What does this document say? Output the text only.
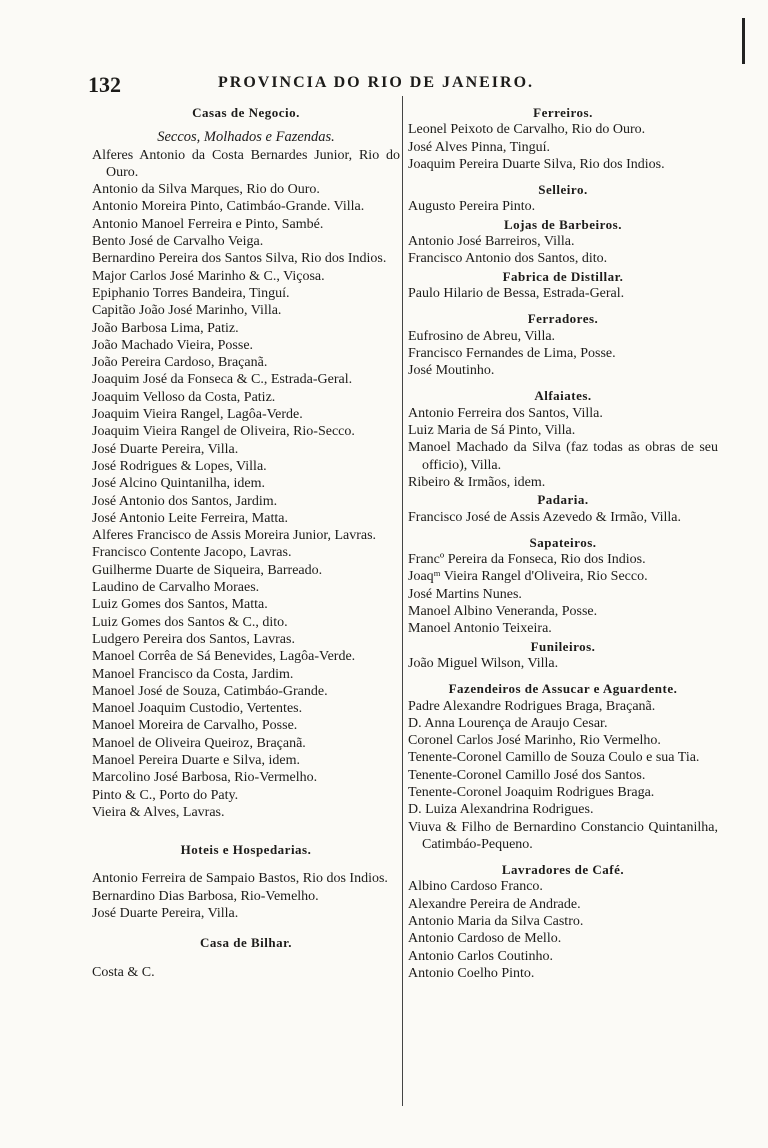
132	PROVINCIA DO RIO DE JANEIRO.

Casas de Negocio.

Seccos, Molhados e Fazendas.

Alferes Antonio da Costa Bernardes Junior, Rio do Ouro.

Antonio da Silva Marques, Rio do Ouro.

Antonio Moreira Pinto, Catimbáo-Grande. Villa.

Antonio Manoel Ferreira e Pinto, Sambé.

Bento José de Carvalho Veiga.

Bernardino Pereira dos Santos Silva, Rio dos Indios.

Major Carlos José Marinho & C., Viçosa.

Epiphanio Torres Bandeira, Tinguí.

Capitão João José Marinho, Villa.

João Barbosa Lima, Patiz.

João Machado Vieira, Posse.

João Pereira Cardoso, Braçanã.

Joaquim José da Fonseca & C., Estrada-Geral.

Joaquim Velloso da Costa, Patiz.

Joaquim Vieira Rangel, Lagôa-Verde.

Joaquim Vieira Rangel de Oliveira, Rio-Secco.

José Duarte Pereira, Villa.

José Rodrigues & Lopes, Villa.

José Alcino Quintanilha, idem.

José Antonio dos Santos, Jardim.

José Antonio Leite Ferreira, Matta.

Alferes Francisco de Assis Moreira Junior, Lavras.

Francisco Contente Jacopo, Lavras.

Guilherme Duarte de Siqueira, Barreado.

Laudino de Carvalho Moraes.

Luiz Gomes dos Santos, Matta.

Luiz Gomes dos Santos & C., dito.

Ludgero Pereira dos Santos, Lavras.

Manoel Corrêa de Sá Benevides, Lagôa-Verde.

Manoel Francisco da Costa, Jardim.

Manoel José de Souza, Catimbáo-Grande.

Manoel Joaquim Custodio, Vertentes.

Manoel Moreira de Carvalho, Posse.

Manoel de Oliveira Queiroz, Braçanã.

Manoel Pereira Duarte e Silva, idem.

Marcolino José Barbosa, Rio-Vermelho.

Pinto & C., Porto do Paty.

Vieira & Alves, Lavras.

Hoteis e Hospedarias.

Antonio Ferreira de Sampaio Bastos, Rio dos Indios.

Bernardino Dias Barbosa, Rio-Vemelho.

José Duarte Pereira, Villa.

Casa de Bilhar.

Costa & C.

Ferreiros.

Leonel Peixoto de Carvalho, Rio do Ouro.

José Alves Pinna, Tinguí.

Joaquim Pereira Duarte Silva, Rio dos Indios.

Selleiro.

Augusto Pereira Pinto.

Lojas de Barbeiros.

Antonio José Barreiros, Villa.

Francisco Antonio dos Santos, dito.

Fabrica de Distillar.

Paulo Hilario de Bessa, Estrada-Geral.

Ferradores.

Eufrosino de Abreu, Villa.

Francisco Fernandes de Lima, Posse.

José Moutinho.

Alfaiates.

Antonio Ferreira dos Santos, Villa.

Luiz Maria de Sá Pinto, Villa.

Manoel Machado da Silva (faz todas as obras de seu officio), Villa.

Ribeiro & Irmãos, idem.

Padaria.

Francisco José de Assis Azevedo & Irmão, Villa.

Sapateiros.

Francº Pereira da Fonseca, Rio dos Indios.

Joaqᵐ Vieira Rangel d'Oliveira, Rio Secco.

José Martins Nunes.

Manoel Albino Veneranda, Posse.

Manoel Antonio Teixeira.

Funileiros.

João Miguel Wilson, Villa.

Fazendeiros de Assucar e Aguardente.

Padre Alexandre Rodrigues Braga, Braçanã.

D. Anna Lourença de Araujo Cesar.

Coronel Carlos José Marinho, Rio Vermelho.

Tenente-Coronel Camillo de Souza Coulo e sua Tia.

Tenente-Coronel Camillo José dos Santos.

Tenente-Coronel Joaquim Rodrigues Braga.

D. Luiza Alexandrina Rodrigues.

Viuva & Filho de Bernardino Constancio Quintanilha, Catimbáo-Pequeno.

Lavradores de Café.

Albino Cardoso Franco.

Alexandre Pereira de Andrade.

Antonio Maria da Silva Castro.

Antonio Cardoso de Mello.

Antonio Carlos Coutinho.

Antonio Coelho Pinto.
